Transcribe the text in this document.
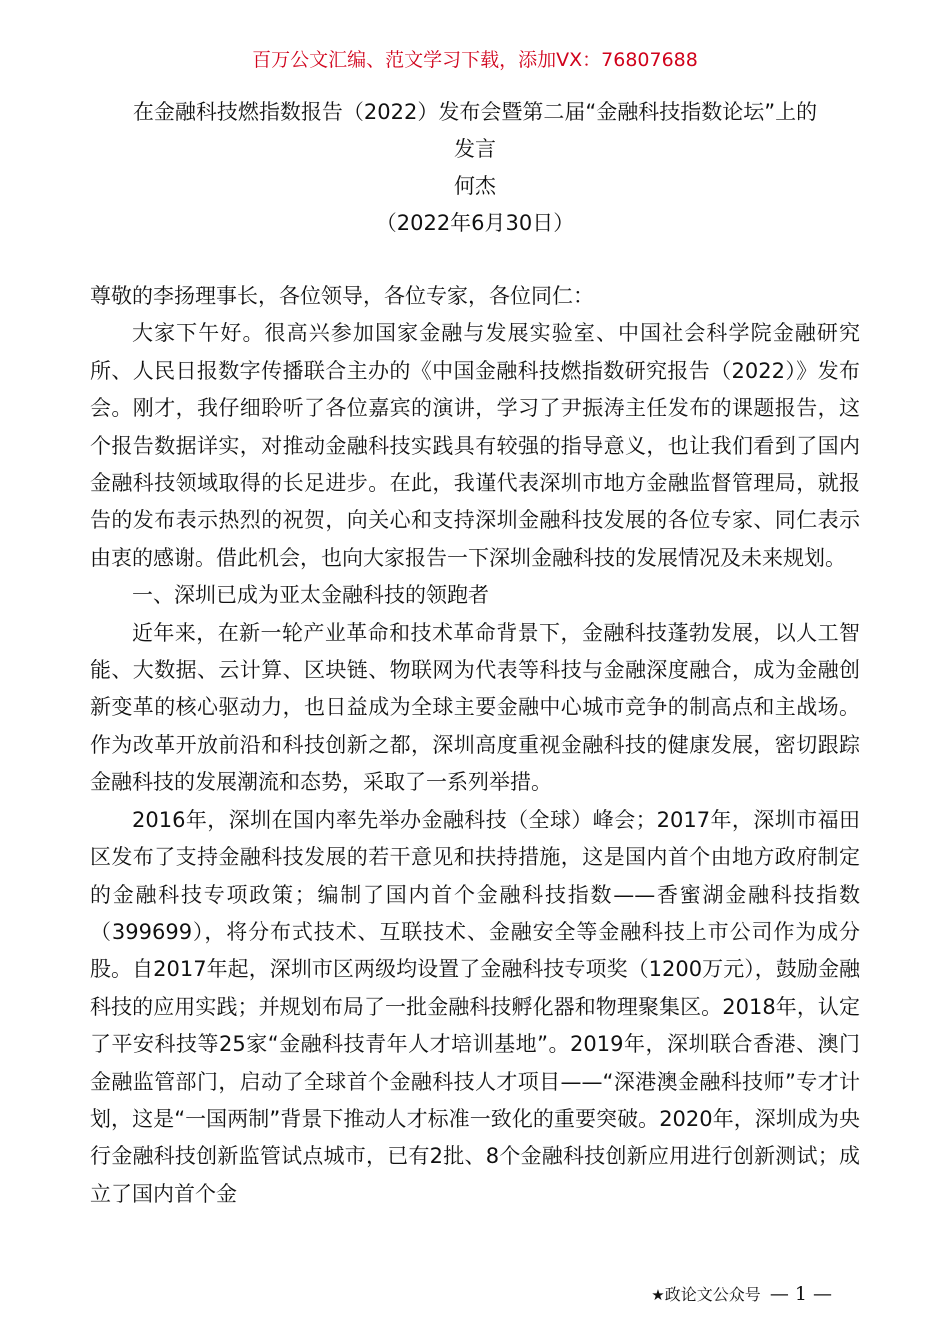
百万公文汇编、范文学习下载，添加VX：76807688
在金融科技燃指数报告（2022）发布会暨第二届“金融科技指数论坛”上的
发言
何杰
（2022年6月30日）

尊敬的李扬理事长，各位领导，各位专家，各位同仁：

大家下午好。很高兴参加国家金融与发展实验室、中国社会科学院金融研究所、人民日报数字传播联合主办的《中国金融科技燃指数研究报告（2022）》发布会。刚才，我仔细聆听了各位嘉宾的演讲，学习了尹振涛主任发布的课题报告，这个报告数据详实，对推动金融科技实践具有较强的指导意义，也让我们看到了国内金融科技领域取得的长足进步。在此，我谨代表深圳市地方金融监督管理局，就报告的发布表示热烈的祝贺，向关心和支持深圳金融科技发展的各位专家、同仁表示由衷的感谢。借此机会，也向大家报告一下深圳金融科技的发展情况及未来规划。

一、深圳已成为亚太金融科技的领跑者

近年来，在新一轮产业革命和技术革命背景下，金融科技蓬勃发展，以人工智能、大数据、云计算、区块链、物联网为代表等科技与金融深度融合，成为金融创新变革的核心驱动力，也日益成为全球主要金融中心城市竞争的制高点和主战场。作为改革开放前沿和科技创新之都，深圳高度重视金融科技的健康发展，密切跟踪金融科技的发展潮流和态势，采取了一系列举措。

2016年，深圳在国内率先举办金融科技（全球）峰会；2017年，深圳市福田区发布了支持金融科技发展的若干意见和扶持措施，这是国内首个由地方政府制定的金融科技专项政策；编制了国内首个金融科技指数——香蜜湖金融科技指数（399699），将分布式技术、互联技术、金融安全等金融科技上市公司作为成分股。自2017年起，深圳市区两级均设置了金融科技专项奖（1200万元），鼓励金融科技的应用实践；并规划布局了一批金融科技孵化器和物理聚集区。2018年，认定了平安科技等25家“金融科技青年人才培训基地”。2019年，深圳联合香港、澳门金融监管部门，启动了全球首个金融科技人才项目——“深港澳金融科技师”专才计划，这是“一国两制”背景下推动人才标准一致化的重要突破。2020年，深圳成为央行金融科技创新监管试点城市，已有2批、8个金融科技创新应用进行创新测试；成立了国内首个金

★政论文公众号 — 1 —
